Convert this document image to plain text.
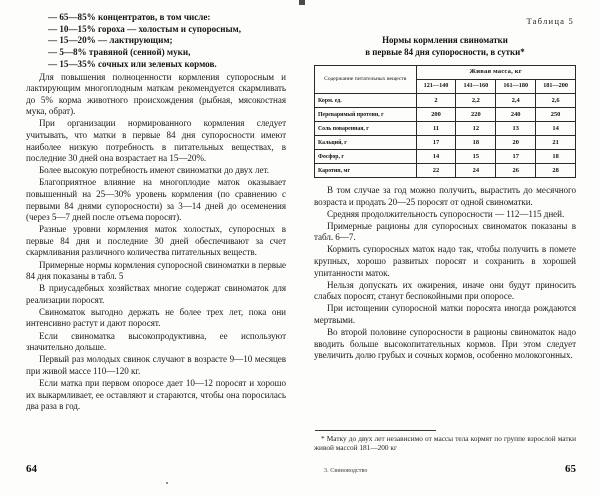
— 65—85% концентратов, в том числе:
— 10—15% гороха — холостым и супоросным,
— 15—20% — лактирующим;
— 5—8% травяной (сенной) муки,
— 15—35% сочных или зеленых кормов.

Для повышения полноценности кормления супоросным и лактирующим многоплодным маткам рекомендуется скармливать до 5% корма животного происхождения (рыбная, мясокостная мука, обрат).

При организации нормированного кормления следует учитывать, что матки в первые 84 дня супоросности имеют наиболее низкую потребность в питательных веществах, в последние 30 дней она возрастает на 15—20%.

Более высокую потребность имеют свиноматки до двух лет.

Благоприятное влияние на многоплодие маток оказывает повышенный на 25—30% уровень кормления (по сравнению с первыми 84 днями супоросности) за 3—14 дней до осеменения (через 5—7 дней после отъема поросят).

Разные уровни кормления маток холостых, супоросных в первые 84 дня и последние 30 дней обеспечивают за счет скармливания различного количества питательных веществ.

Примерные нормы кормления супоросной свиноматки в первые 84 дня показаны в табл. 5

В приусадебных хозяйствах многие содержат свиноматок для реализации поросят.

Свиноматок выгодно держать не более трех лет, пока они интенсивно растут и дают поросят.

Если свиноматка высокопродуктивна, ее используют значительно дольше.

Первый раз молодых свинок случают в возрасте 9—10 месяцев при живой массе 110—120 кг.

Если матка при первом опоросе дает 10—12 поросят и хорошо их выкармливает, ее оставляют и стараются, чтобы она поросилась два раза в год.

64
Таблица 5
Нормы кормления свиноматки
в первые 84 дня супоросности, в сутки*
Содержание питательных веществ	Живая масса, кг			
	121—140	141—160	161—180	181—200
Корм. ед.	2	2,2	2,4	2,6
Переваримый протеин, г	200	220	240	250
Соль поваренная, г	11	12	13	14
Кальций, г	17	18	20	21
Фосфор, г	14	15	17	18
Каротин, мг	22	24	26	28

В том случае за год можно получить, вырастить до месячного возраста и продать 20—25 поросят от одной свиноматки.

Средняя продолжительность супоросности — 112—115 дней.

Примерные рационы для супоросных свиноматок показаны в табл. 6—7.

Кормить супоросных маток надо так, чтобы получить в помете крупных, хорошо развитых поросят и сохранить в хорошей упитанности маток.

Нельзя допускать их ожирения, иначе они будут приносить слабых поросят, станут беспокойными при опоросе.

При истощении супоросной матки поросята иногда рождаются мертвыми.

Во второй половине супоросности в рационы свиноматок надо вводить больше высокопитательных кормов. При этом следует увеличить долю грубых и сочных кормов, особенно молокогонных.

* Матку до двух лет независимо от массы тела кормят по группе взрослой матки живой массой 181—200 кг

3. Свиноводство	65
